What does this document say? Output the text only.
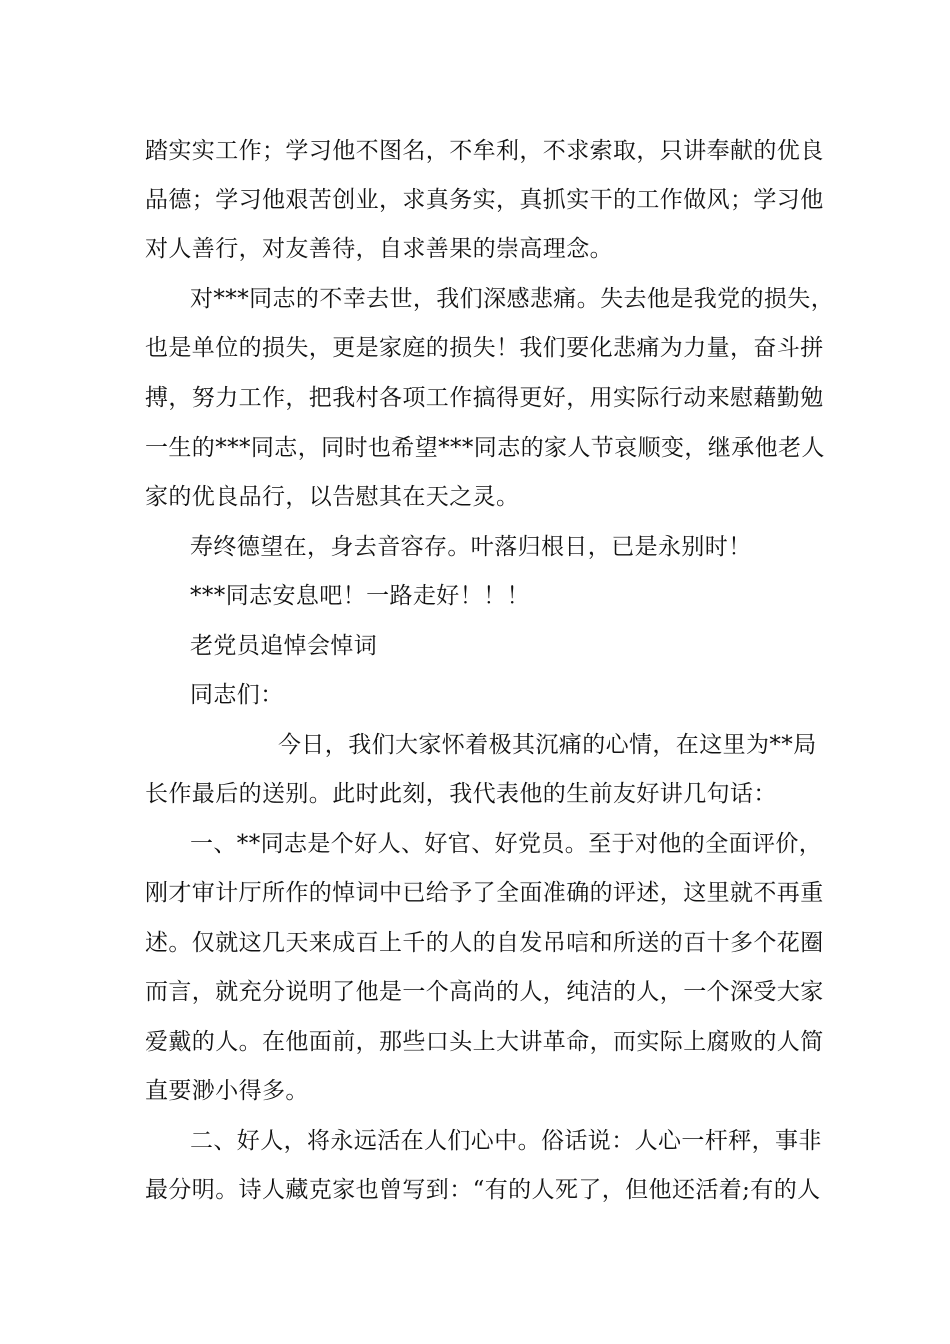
踏实实工作；学习他不图名，不牟利，不求索取，只讲奉献的优良
品德；学习他艰苦创业，求真务实，真抓实干的工作做风；学习他
对人善行，对友善待，自求善果的崇高理念。
对***同志的不幸去世，我们深感悲痛。失去他是我党的损失，
也是单位的损失，更是家庭的损失！我们要化悲痛为力量，奋斗拼
搏，努力工作，把我村各项工作搞得更好，用实际行动来慰藉勤勉
一生的***同志，同时也希望***同志的家人节哀顺变，继承他老人
家的优良品行，以告慰其在天之灵。
寿终德望在，身去音容存。叶落归根日，已是永别时！
***同志安息吧！一路走好！！！
老党员追悼会悼词
同志们：
今日，我们大家怀着极其沉痛的心情，在这里为**局
长作最后的送别。此时此刻，我代表他的生前友好讲几句话：
一、**同志是个好人、好官、好党员。至于对他的全面评价，
刚才审计厅所作的悼词中已给予了全面准确的评述，这里就不再重
述。仅就这几天来成百上千的人的自发吊唁和所送的百十多个花圈
而言，就充分说明了他是一个高尚的人，纯洁的人，一个深受大家
爱戴的人。在他面前，那些口头上大讲革命，而实际上腐败的人简
直要渺小得多。
二、好人，将永远活在人们心中。俗话说：人心一杆秤，事非
最分明。诗人藏克家也曾写到：“有的人死了，但他还活着;有的人
